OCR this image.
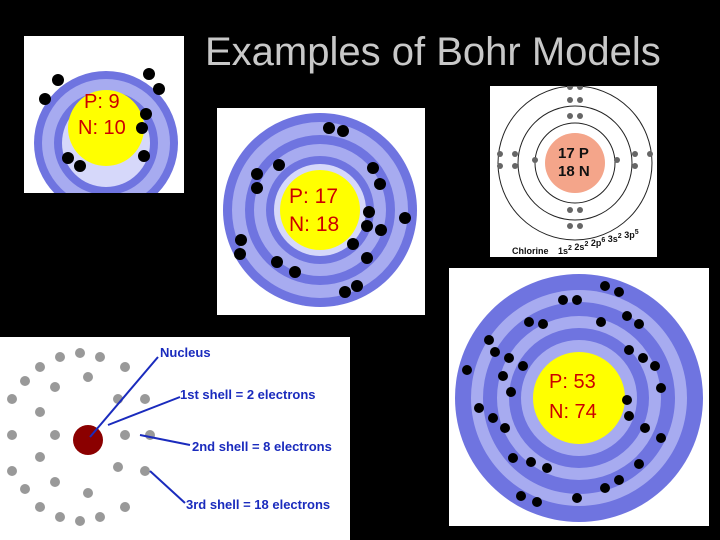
Examples of Bohr Models
P: 9
N: 10
P: 17
N: 18
17 P
18 N
Chlorine $1s^2$ $2s^2$ $2p^6$ $3s^2$ $3p^5$
Nucleus
1st shell = 2 electrons
2nd shell = 8 electrons
3rd shell = 18 electrons
P: 53
N: 74
